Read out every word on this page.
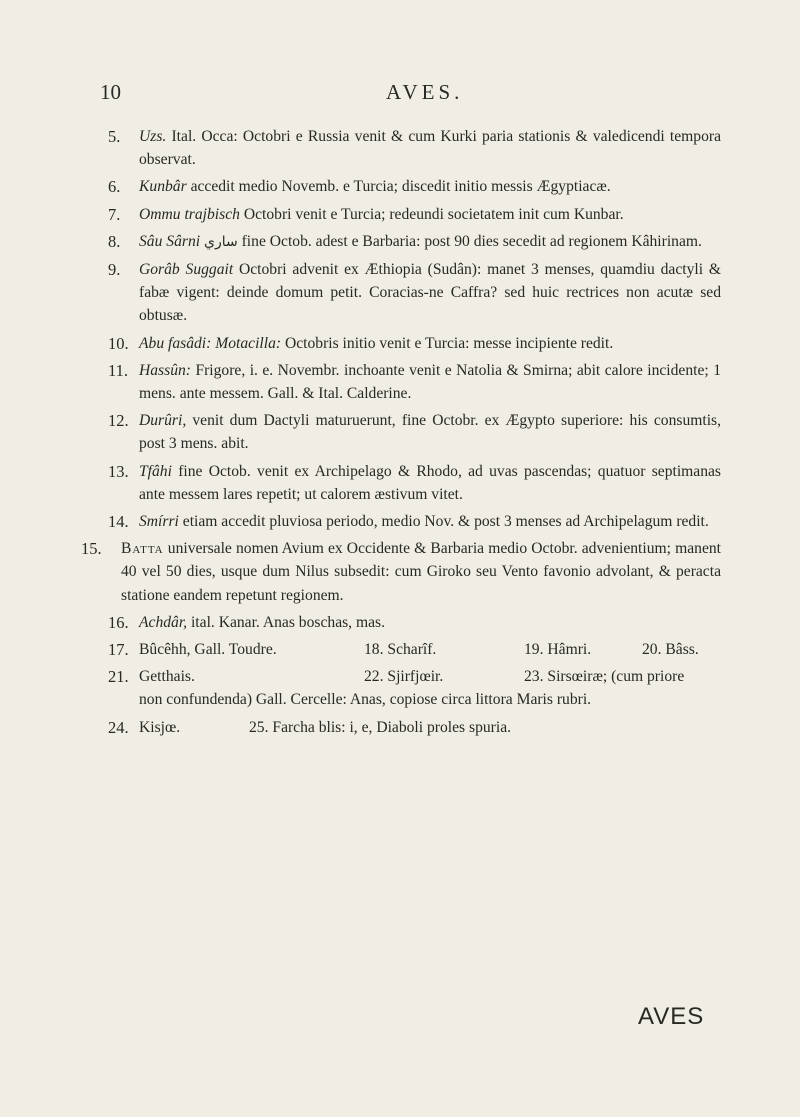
10	AVES.
5. Uzs. Ital. Occa: Octobri e Russia venit & cum Kurki paria stationis & valedicendi tempora observat.
6. Kunbâr accedit medio Novemb. e Turcia; discedit initio messis Ægyptiacæ.
7. Ommu trajbisch Octobri venit e Turcia; redeundi societatem init cum Kunbar.
8. Sâu Sârni ساري fine Octob. adest e Barbaria: post 90 dies secedit ad regionem Kâhirinam.
9. Gorâb Suggait Octobri advenit ex Æthiopia (Sudân): manet 3 menses, quamdiu dactyli & fabæ vigent: deinde domum petit. Coracias-ne Caffra? sed huic rectrices non acutæ sed obtusæ.
10. Abu fasâdi: Motacilla: Octobris initio venit e Turcia: messe incipiente redit.
11. Hassûn: Frigore, i. e. Novembr. inchoante venit e Natolia & Smirna; abit calore incidente; 1 mens. ante messem. Gall. & Ital. Calderine.
12. Durûri, venit dum Dactyli maturuerunt, fine Octobr. ex Ægypto superiore: his consumtis, post 3 mens. abit.
13. Tfâhi fine Octob. venit ex Archipelago & Rhodo, ad uvas pascendas; quatuor septimanas ante messem lares repetit; ut calorem æstivum vitet.
14. Smírri etiam accedit pluviosa periodo, medio Nov. & post 3 menses ad Archipelagum redit.
15. Batta universale nomen Avium ex Occidente & Barbaria medio Octobr. advenientium; manent 40 vel 50 dies, usque dum Nilus subsedit: cum Giroko seu Vento favonio advolant, & peracta statione eandem repetunt regionem.
16. Achdâr, ital. Kanar. Anas boschas, mas.
17. Bûcêhh, Gall. Toudre.	18. Scharîf.	19. Hâmri.	20. Bâss.
21. Getthais.	22. Sjirfjœir.	23. Sirsœiræ; (cum priore
non confundenda) Gall. Cercelle: Anas, copiose circa littora Maris rubri.
24. Kisjœ.	25. Farcha blis: i, e, Diaboli proles spuria.
AVES
